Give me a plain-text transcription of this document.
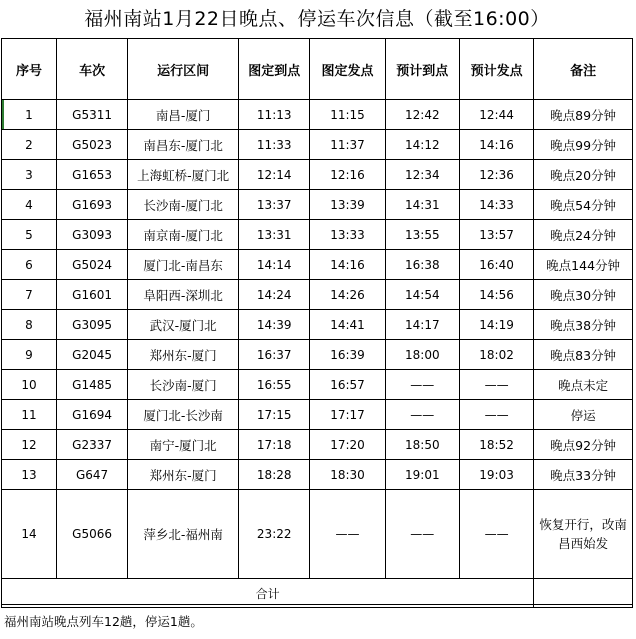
福州南站1月22日晚点、停运车次信息（截至16:00）
序号	车次	运行区间	图定到点	图定发点	预计到点	预计发点	备注
1	G5311	南昌-厦门	11:13	11:15	12:42	12:44	晚点89分钟
2	G5023	南昌东-厦门北	11:33	11:37	14:12	14:16	晚点99分钟
3	G1653	上海虹桥-厦门北	12:14	12:16	12:34	12:36	晚点20分钟
4	G1693	长沙南-厦门北	13:37	13:39	14:31	14:33	晚点54分钟
5	G3093	南京南-厦门北	13:31	13:33	13:55	13:57	晚点24分钟
6	G5024	厦门北-南昌东	14:14	14:16	16:38	16:40	晚点144分钟
7	G1601	阜阳西-深圳北	14:24	14:26	14:54	14:56	晚点30分钟
8	G3095	武汉-厦门北	14:39	14:41	14:17	14:19	晚点38分钟
9	G2045	郑州东-厦门	16:37	16:39	18:00	18:02	晚点83分钟
10	G1485	长沙南-厦门	16:55	16:57	——	——	晚点未定
11	G1694	厦门北-长沙南	17:15	17:17	——	——	停运
12	G2337	南宁-厦门北	17:18	17:20	18:50	18:52	晚点92分钟
13	G647	郑州东-厦门	18:28	18:30	19:01	19:03	晚点33分钟
14	G5066	萍乡北-福州南	23:22	——	——	——	恢复开行，改南昌西始发
合计							
福州南站晚点列车12趟，停运1趟。
